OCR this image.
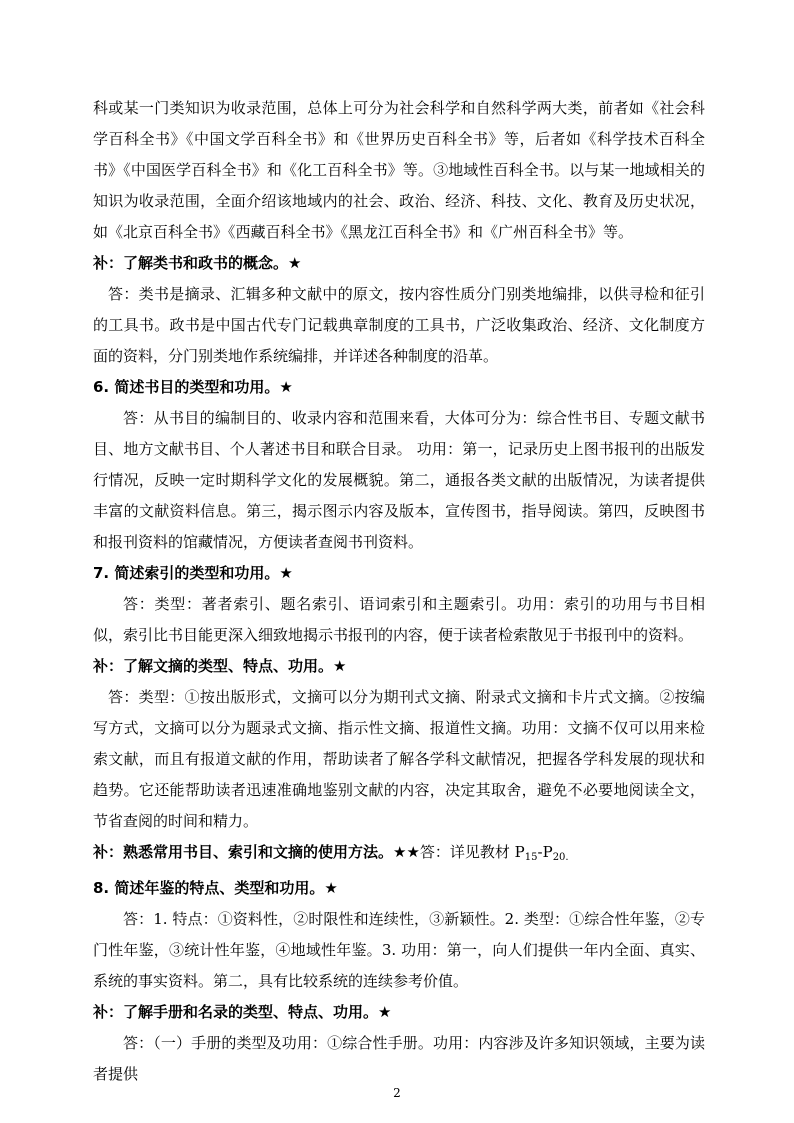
科或某一门类知识为收录范围，总体上可分为社会科学和自然科学两大类，前者如《社会科学百科全书》《中国文学百科全书》和《世界历史百科全书》等，后者如《科学技术百科全书》《中国医学百科全书》和《化工百科全书》等。③地域性百科全书。以与某一地域相关的知识为收录范围，全面介绍该地域内的社会、政治、经济、科技、文化、教育及历史状况，如《北京百科全书》《西藏百科全书》《黑龙江百科全书》和《广州百科全书》等。

补：了解类书和政书的概念。★

答：类书是摘录、汇辑多种文献中的原文，按内容性质分门别类地编排，以供寻检和征引的工具书。政书是中国古代专门记载典章制度的工具书，广泛收集政治、经济、文化制度方面的资料，分门别类地作系统编排，并详述各种制度的沿革。

6. 简述书目的类型和功用。★

答：从书目的编制目的、收录内容和范围来看，大体可分为：综合性书目、专题文献书目、地方文献书目、个人著述书目和联合目录。 功用：第一，记录历史上图书报刊的出版发行情况，反映一定时期科学文化的发展概貌。第二，通报各类文献的出版情况，为读者提供丰富的文献资料信息。第三，揭示图示内容及版本，宣传图书，指导阅读。第四，反映图书和报刊资料的馆藏情况，方便读者查阅书刊资料。

7. 简述索引的类型和功用。★

答：类型：著者索引、题名索引、语词索引和主题索引。功用：索引的功用与书目相似，索引比书目能更深入细致地揭示书报刊的内容，便于读者检索散见于书报刊中的资料。

补：了解文摘的类型、特点、功用。★

答：类型：①按出版形式，文摘可以分为期刊式文摘、附录式文摘和卡片式文摘。②按编写方式，文摘可以分为题录式文摘、指示性文摘、报道性文摘。功用：文摘不仅可以用来检索文献，而且有报道文献的作用，帮助读者了解各学科文献情况，把握各学科发展的现状和趋势。它还能帮助读者迅速准确地鉴别文献的内容，决定其取舍，避免不必要地阅读全文，节省查阅的时间和精力。

补：熟悉常用书目、索引和文摘的使用方法。★★答：详见教材 $P_{15}-P_{20.}$

8. 简述年鉴的特点、类型和功用。★

答：1. 特点：①资料性，②时限性和连续性，③新颖性。2. 类型：①综合性年鉴，②专门性年鉴，③统计性年鉴，④地域性年鉴。3. 功用：第一，向人们提供一年内全面、真实、系统的事实资料。第二，具有比较系统的连续参考价值。

补：了解手册和名录的类型、特点、功用。★

答：（一）手册的类型及功用：①综合性手册。功用：内容涉及许多知识领域，主要为读者提供

2
